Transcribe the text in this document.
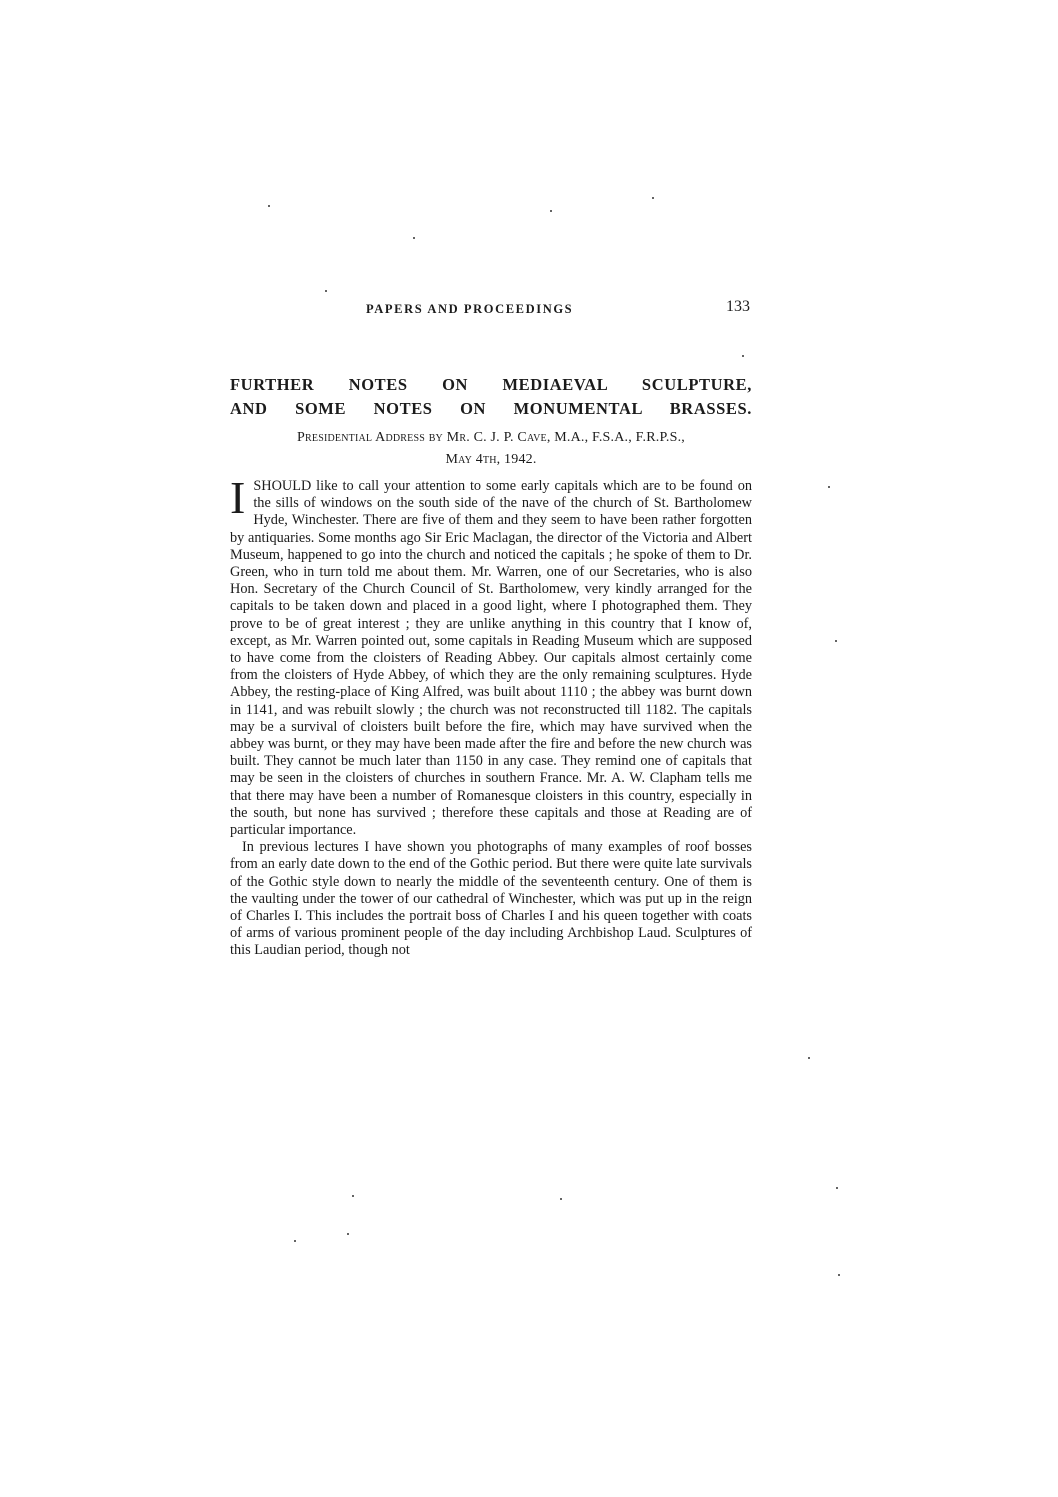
PAPERS AND PROCEEDINGS	133
FURTHER NOTES ON MEDIAEVAL SCULPTURE,
AND SOME NOTES ON MONUMENTAL BRASSES.
Presidential Address by Mr. C. J. P. Cave, M.A., F.S.A., F.R.P.S.,
May 4th, 1942.

ISHOULD like to call your attention to some early capitals which are to be found on the sills of windows on the south side of the nave of the church of St. Bartholomew Hyde, Winchester. There are five of them and they seem to have been rather forgotten by antiquaries. Some months ago Sir Eric Maclagan, the director of the Victoria and Albert Museum, happened to go into the church and noticed the capitals ; he spoke of them to Dr. Green, who in turn told me about them. Mr. Warren, one of our Secretaries, who is also Hon. Secretary of the Church Council of St. Bartholomew, very kindly arranged for the capitals to be taken down and placed in a good light, where I photographed them. They prove to be of great interest ; they are unlike anything in this country that I know of, except, as Mr. Warren pointed out, some capitals in Reading Museum which are supposed to have come from the cloisters of Reading Abbey. Our capitals almost certainly come from the cloisters of Hyde Abbey, of which they are the only remaining sculptures. Hyde Abbey, the resting-place of King Alfred, was built about 1110 ; the abbey was burnt down in 1141, and was rebuilt slowly ; the church was not reconstructed till 1182. The capitals may be a survival of cloisters built before the fire, which may have survived when the abbey was burnt, or they may have been made after the fire and before the new church was built. They cannot be much later than 1150 in any case. They remind one of capitals that may be seen in the cloisters of churches in southern France. Mr. A. W. Clapham tells me that there may have been a number of Romanesque cloisters in this country, especially in the south, but none has survived ; therefore these capitals and those at Reading are of particular importance.

In previous lectures I have shown you photographs of many examples of roof bosses from an early date down to the end of the Gothic period. But there were quite late survivals of the Gothic style down to nearly the middle of the seventeenth century. One of them is the vaulting under the tower of our cathedral of Winchester, which was put up in the reign of Charles I. This includes the portrait boss of Charles I and his queen together with coats of arms of various prominent people of the day including Archbishop Laud. Sculptures of this Laudian period, though not
